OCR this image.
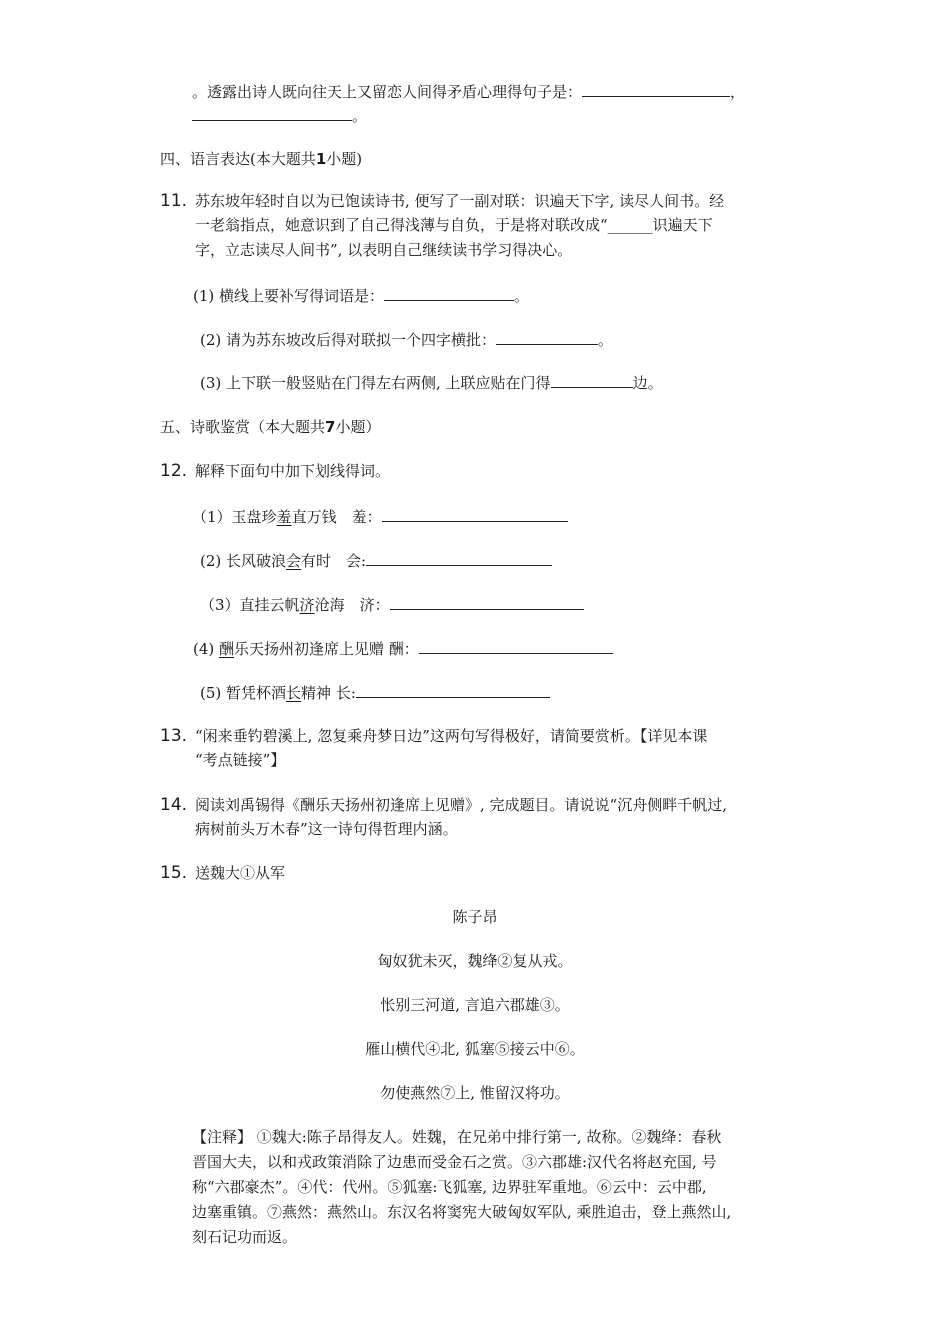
。透露出诗人既向往天上又留恋人间得矛盾心理得句子是：	，
。
四、语言表达(本大题共1小题)
11. 苏东坡年轻时自以为已饱读诗书, 便写了一副对联：识遍天下字, 读尽人间书。经
一老翁指点，她意识到了自己得浅薄与自负，于是将对联改成“______识遍天下
字，立志读尽人间书”, 以表明自己继续读书学习得决心。
(1) 横线上要补写得词语是：	。
(2) 请为苏东坡改后得对联拟一个四字横批：	。
(3) 上下联一般竖贴在门得左右两侧, 上联应贴在门得	边。
五、诗歌鉴赏（本大题共7小题）
12. 解释下面句中加下划线得词。
（1）玉盘珍羞直万钱　羞：
(2) 长风破浪会有时　会:
（3）直挂云帆济沧海　济：
(4) 酬乐天扬州初逢席上见赠 酬：
(5) 暂凭杯酒长精神 长:
13. “闲来垂钓碧溪上, 忽复乘舟梦日边”这两句写得极好，请简要赏析。【详见本课
“考点链接”】
14. 阅读刘禹锡得《酬乐天扬州初逢席上见赠》, 完成题目。请说说“沉舟侧畔千帆过,
病树前头万木春”这一诗句得哲理内涵。
15. 送魏大①从军
陈子昂
匈奴犹未灭，魏绛②复从戎。
怅别三河道, 言追六郡雄③。
雁山横代④北, 狐塞⑤接云中⑥。
勿使燕然⑦上, 惟留汉将功。
【注释】 ①魏大:陈子昂得友人。姓魏，在兄弟中排行第一, 故称。②魏绛：春秋
晋国大夫，以和戎政策消除了边患而受金石之赏。③六郡雄:汉代名将赵充国, 号
称“六郡豪杰”。④代：代州。⑤狐塞:飞狐塞, 边界驻军重地。⑥云中：云中郡,
边塞重镇。⑦燕然：燕然山。东汉名将窦宪大破匈奴军队, 乘胜追击，登上燕然山,
刻石记功而返。
